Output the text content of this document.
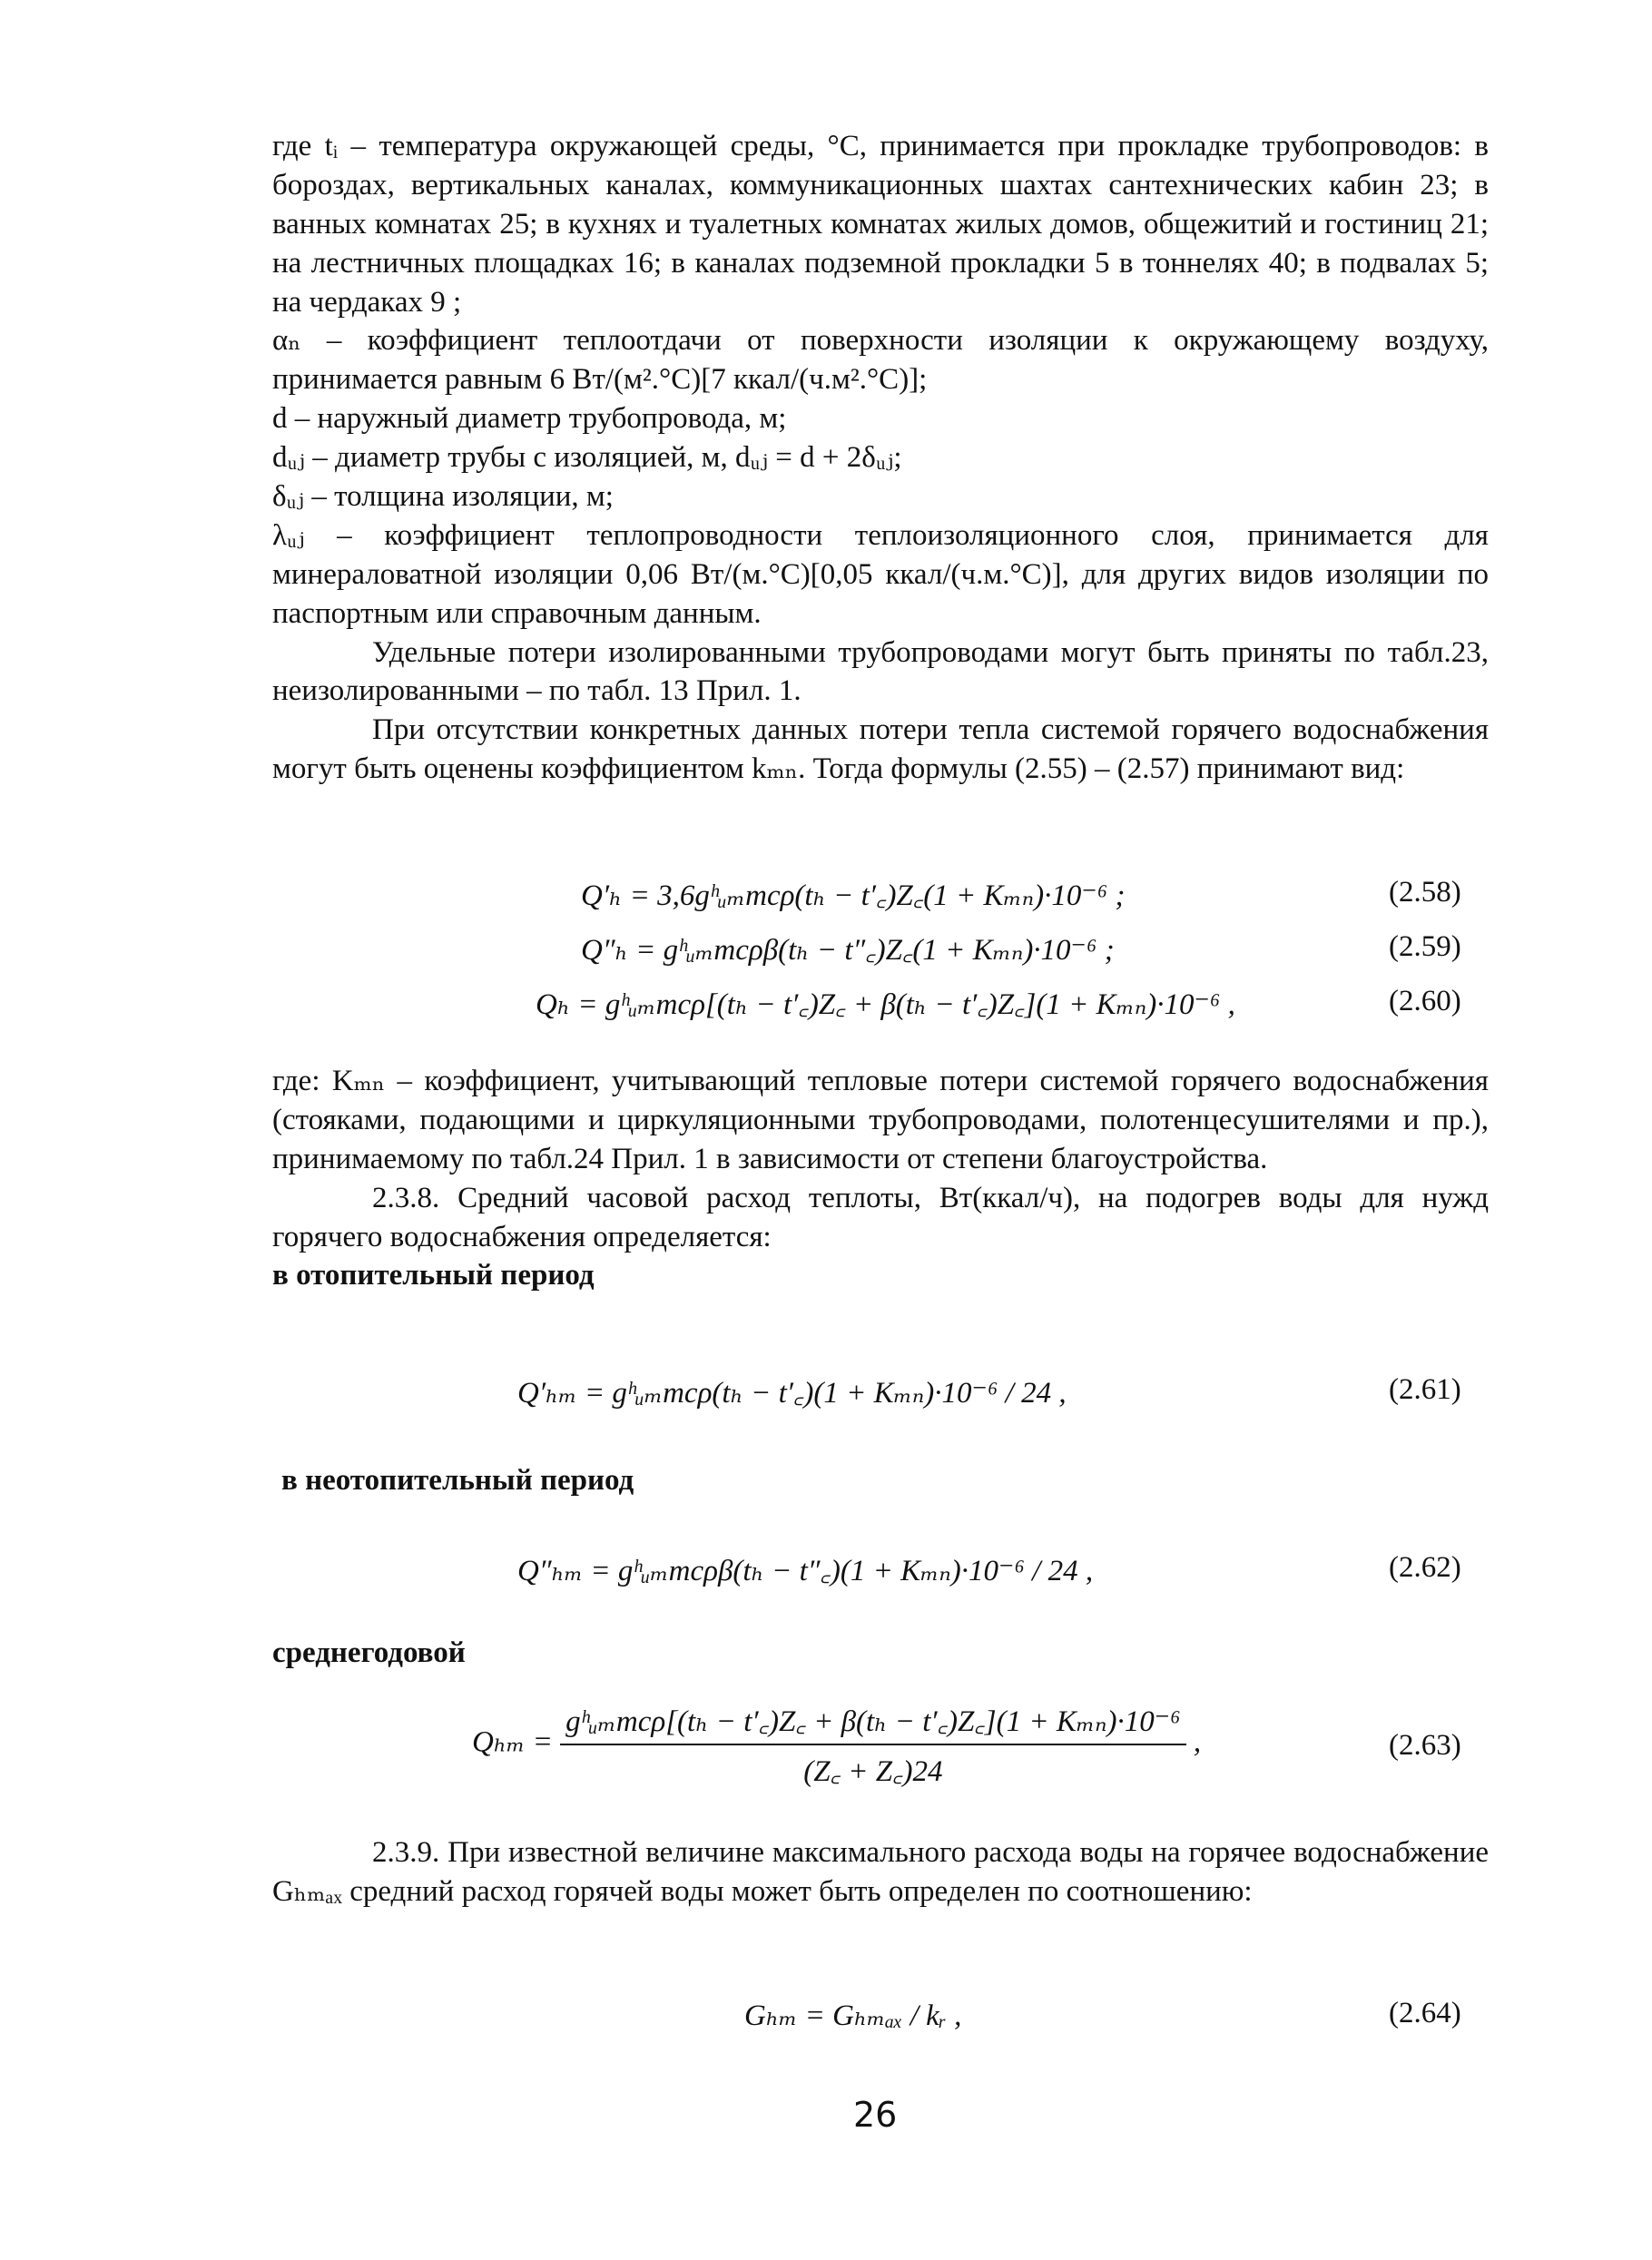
где tᵢ – температура окружающей среды, °С, принимается при прокладке трубопроводов: в бороздах, вертикальных каналах, коммуникационных шахтах сантехнических кабин 23; в ванных комнатах 25; в кухнях и туалетных комнатах жилых домов, общежитий и гостиниц 21; на лестничных площадках 16; в каналах подземной прокладки 5 в тоннелях 40; в подвалах 5; на чердаках 9 ;

αₙ – коэффициент теплоотдачи от поверхности изоляции к окружающему воздуху, принимается равным 6 Вт/(м².°С)[7 ккал/(ч.м².°С)];

d – наружный диаметр трубопровода, м;

dᵤⱼ – диаметр трубы с изоляцией, м, dᵤⱼ = d + 2δᵤⱼ;

δᵤⱼ – толщина изоляции, м;

λᵤⱼ – коэффициент теплопроводности теплоизоляционного слоя, принимается для минераловатной изоляции 0,06 Вт/(м.°С)[0,05 ккал/(ч.м.°С)], для других видов изоляции по паспортным или справочным данным.

Удельные потери изолированными трубопроводами могут быть приняты по табл.23, неизолированными – по табл. 13 Прил. 1.

При отсутствии конкретных данных потери тепла системой горячего водоснабжения могут быть оценены коэффициентом kₘₙ. Тогда формулы (2.55) – (2.57) принимают вид:

Q′ₕ = 3,6gʰᵤₘmcρ(tₕ − t′꜀)Z꜀(1 + Kₘₙ)·10⁻⁶ ;	(2.58)
Q″ₕ = gʰᵤₘmcρβ(tₕ − t″꜀)Z꜀(1 + Kₘₙ)·10⁻⁶ ;	(2.59)
Qₕ = gʰᵤₘmcρ[(tₕ − t′꜀)Z꜀ + β(tₕ − t′꜀)Z꜀](1 + Kₘₙ)·10⁻⁶ ,	(2.60)

где: Kₘₙ – коэффициент, учитывающий тепловые потери системой горячего водоснабжения (стояками, подающими и циркуляционными трубопроводами, полотенцесушителями и пр.), принимаемому по табл.24 Прил. 1 в зависимости от степени благоустройства.

2.3.8. Средний часовой расход теплоты, Вт(ккал/ч), на подогрев воды для нужд горячего водоснабжения определяется:

в отопительный период

Q′ₕₘ = gʰᵤₘmcρ(tₕ − t′꜀)(1 + Kₘₙ)·10⁻⁶ / 24 ,	(2.61)
в неотопительный период
Q″ₕₘ = gʰᵤₘmcρβ(tₕ − t″꜀)(1 + Kₘₙ)·10⁻⁶ / 24 ,	(2.62)
среднегодовой
$Q_{hm} = \frac{\text{gʰᵤₘmcρ[(tₕ − t′꜀)Z꜀ + β(tₕ − t′꜀)Z꜀](1 + Kₘₙ)·10⁻⁶}}{(Z꜀ + Z꜀)24}$ ,	(2.63)

2.3.9. При известной величине максимального расхода воды на горячее водоснабжение Gₕₘₐₓ средний расход горячей воды может быть определен по соотношению:

Gₕₘ = Gₕₘₐₓ / kᵣ ,	(2.64)
26
